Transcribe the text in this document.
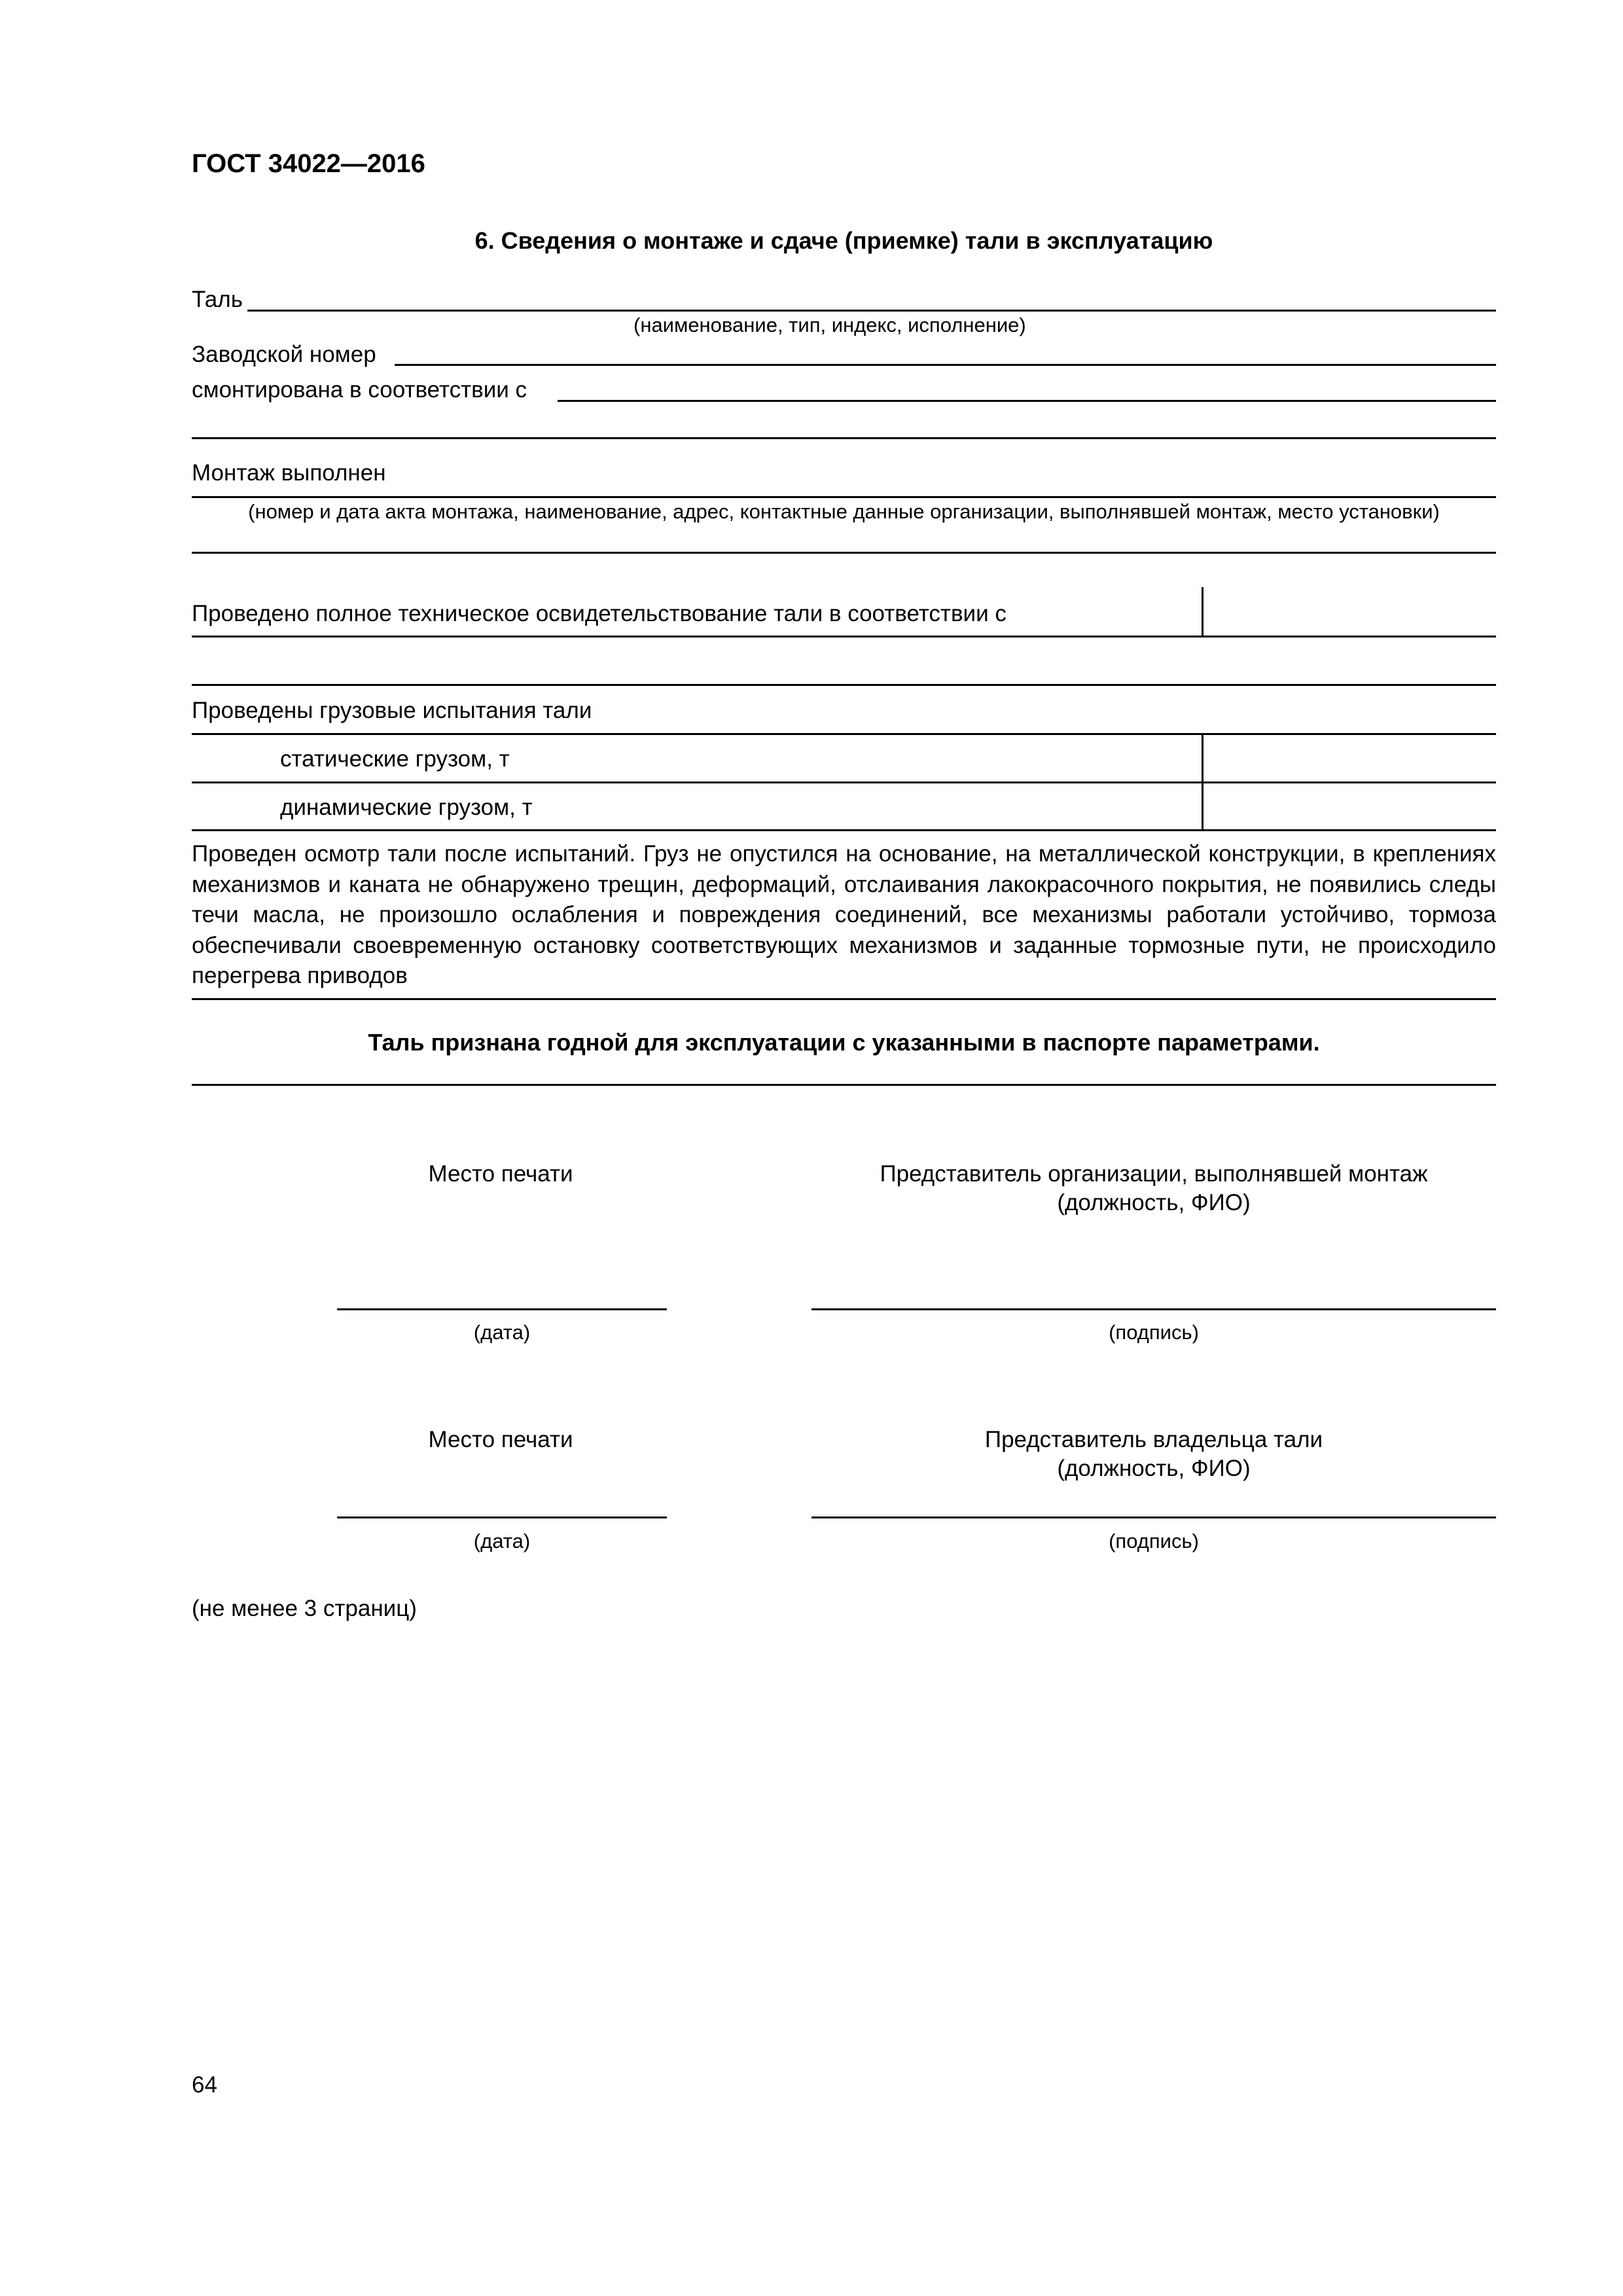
ГОСТ 34022—2016
6. Сведения о монтаже и сдаче (приемке) тали в эксплуатацию
Таль
(наименование, тип, индекс, исполнение)
Заводской номер
смонтирована в соответствии с
Монтаж выполнен
(номер и дата акта монтажа, наименование, адрес, контактные данные организации, выполнявшей монтаж, место установки)
Проведено полное техническое освидетельствование тали в соответствии с
Проведены грузовые испытания тали
статические грузом, т
динамические грузом, т
Проведен осмотр тали после испытаний. Груз не опустился на основание, на металлической конструкции, в креплениях механизмов и каната не обнаружено трещин, деформаций, отслаивания лакокрасочного покрытия, не появились следы течи масла, не произошло ослабления и повреждения соединений, все механизмы работали устойчиво, тормоза обеспечивали своевременную остановку соответствующих механизмов и заданные тормозные пути, не происходило перегрева приводов
Таль признана годной для эксплуатации с указанными в паспорте параметрами.
Место печати	Представитель организации, выполнявшей монтаж
(должность, ФИО)
(дата)	(подпись)
Место печати	Представитель владельца тали
(должность, ФИО)
(дата)	(подпись)
(не менее 3 страниц)
64
